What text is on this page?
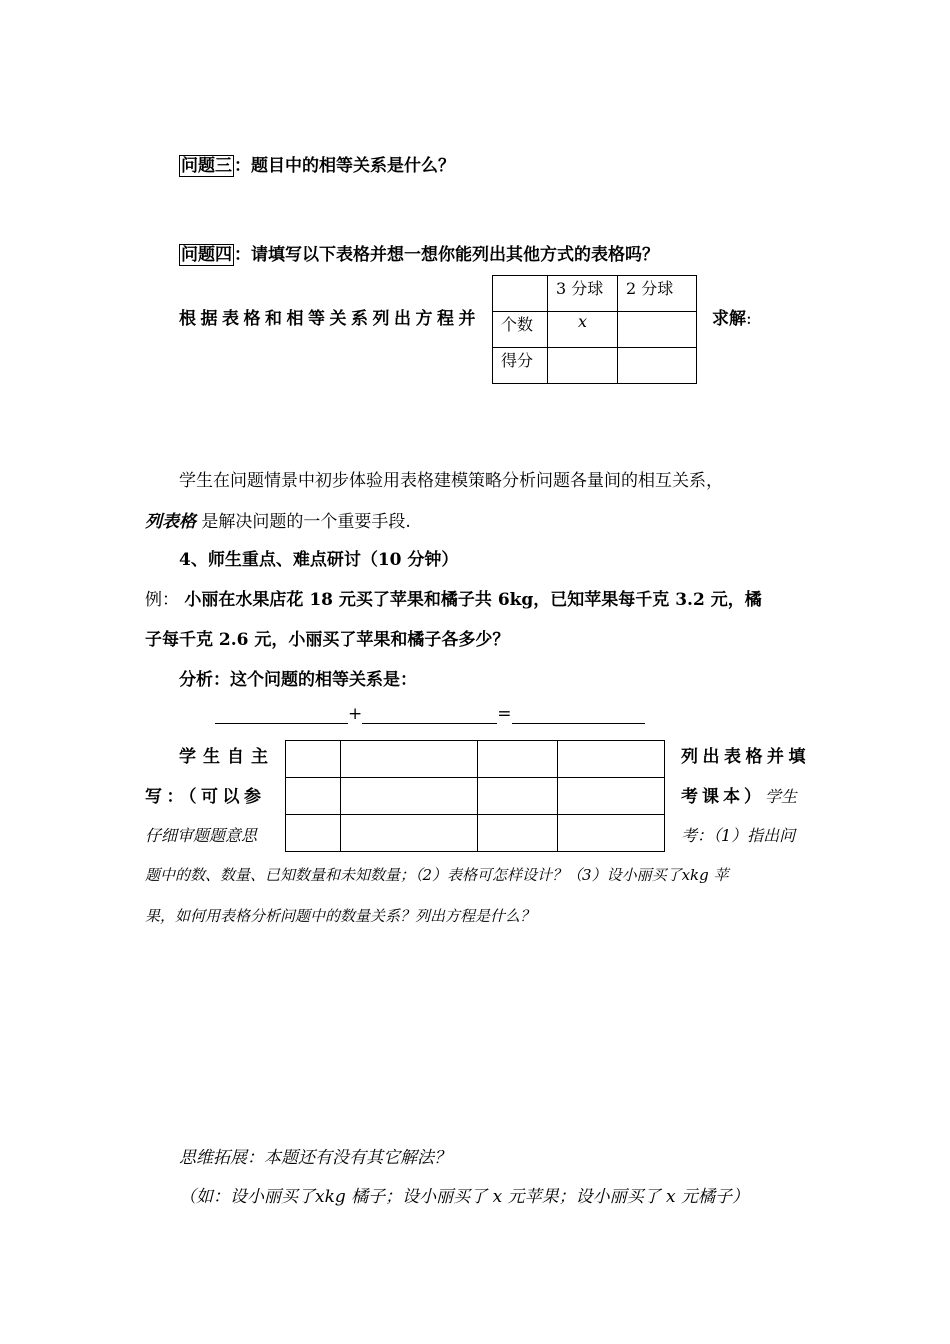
问题三 ：题目中的相等关系是什么？
问题四 ：请填写以下表格并想一想你能列出其他方式的表格吗？
根据表格和相等关系列出方程并	求解:
	3 分球	2 分球
个数	x	
得分		
学生在问题情景中初步体验用表格建模策略分析问题各量间的相互关系，
列表格 是解决问题的一个重要手段.
4、师生重点、难点研讨（10 分钟）
例： 小丽在水果店花 18 元买了苹果和橘子共 6kg，已知苹果每千克 3.2 元，橘
子每千克 2.6 元，小丽买了苹果和橘子各多少？
分析：这个问题的相等关系是：
+	=
学生自主
写：（可以参
仔细审题题意思

列出表格并填
考课本）学生
考：（1）指出问
题中的数、数量、已知数量和未知数量；（2）表格可怎样设计？（3）设小丽买了xkg 苹
果，如何用表格分析问题中的数量关系？列出方程是什么？
思维拓展：本题还有没有其它解法？
（如：设小丽买了xkg 橘子；设小丽买了 x 元苹果；设小丽买了 x 元橘子）
